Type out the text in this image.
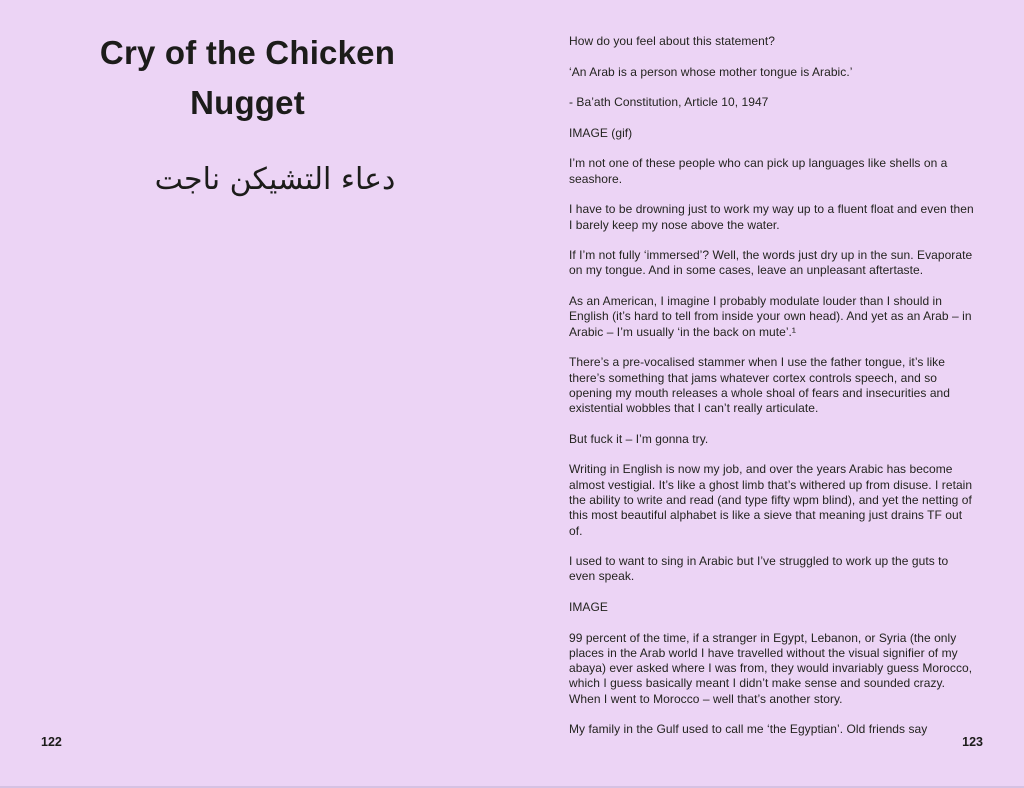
Cry of the Chicken
Nugget
دعاء التشيكن ناجت
122

How do you feel about this statement?

‘An Arab is a person whose mother tongue is Arabic.’

- Ba’ath Constitution, Article 10, 1947

IMAGE (gif)

I’m not one of these people who can pick up languages like shells on a seashore.

I have to be drowning just to work my way up to a fluent float and even then I barely keep my nose above the water.

If I’m not fully ‘immersed’? Well, the words just dry up in the sun. Evaporate on my tongue. And in some cases, leave an unpleasant aftertaste.

As an American, I imagine I probably modulate louder than I should in English (it’s hard to tell from inside your own head). And yet as an Arab – in Arabic – I’m usually ‘in the back on mute’.¹

There’s a pre-vocalised stammer when I use the father tongue, it’s like there’s something that jams whatever cortex controls speech, and so opening my mouth releases a whole shoal of fears and insecurities and existential wobbles that I can’t really articulate.

But fuck it – I’m gonna try.

Writing in English is now my job, and over the years Arabic has become almost vestigial. It’s like a ghost limb that’s withered up from disuse. I retain the ability to write and read (and type fifty wpm blind), and yet the netting of this most beautiful alphabet is like a sieve that meaning just drains TF out of.

I used to want to sing in Arabic but I’ve struggled to work up the guts to even speak.

IMAGE

99 percent of the time, if a stranger in Egypt, Lebanon, or Syria (the only places in the Arab world I have travelled without the visual signifier of my abaya) ever asked where I was from, they would invariably guess Morocco, which I guess basically meant I didn’t make sense and sounded crazy. When I went to Morocco – well that’s another story.

My family in the Gulf used to call me ‘the Egyptian’. Old friends say

123
